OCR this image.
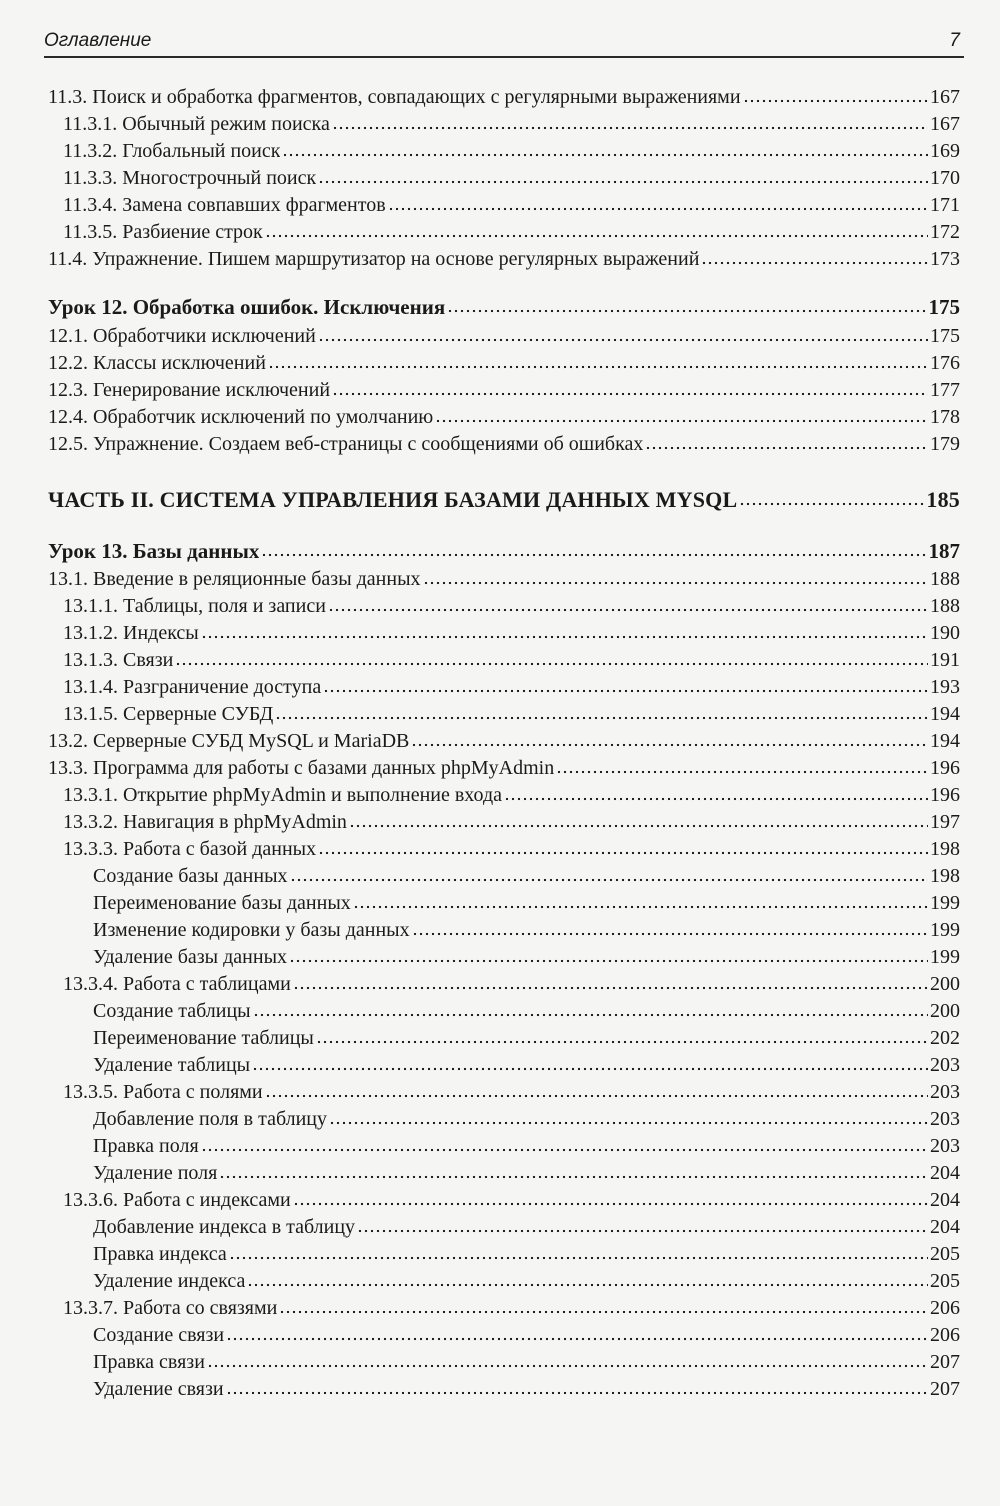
Оглавление	7
11.3. Поиск и обработка фрагментов, совпадающих с регулярными выражениями	167
11.3.1. Обычный режим поиска	167
11.3.2. Глобальный поиск	169
11.3.3. Многострочный поиск	170
11.3.4. Замена совпавших фрагментов	171
11.3.5. Разбиение строк	172
11.4. Упражнение. Пишем маршрутизатор на основе регулярных выражений	173
Урок 12. Обработка ошибок. Исключения	175
12.1. Обработчики исключений	175
12.2. Классы исключений	176
12.3. Генерирование исключений	177
12.4. Обработчик исключений по умолчанию	178
12.5. Упражнение. Создаем веб-страницы с сообщениями об ошибках	179
ЧАСТЬ II. СИСТЕМА УПРАВЛЕНИЯ БАЗАМИ ДАННЫХ MYSQL	185
Урок 13. Базы данных	187
13.1. Введение в реляционные базы данных	188
13.1.1. Таблицы, поля и записи	188
13.1.2. Индексы	190
13.1.3. Связи	191
13.1.4. Разграничение доступа	193
13.1.5. Серверные СУБД	194
13.2. Серверные СУБД MySQL и MariaDB	194
13.3. Программа для работы с базами данных phpMyAdmin	196
13.3.1. Открытие phpMyAdmin и выполнение входа	196
13.3.2. Навигация в phpMyAdmin	197
13.3.3. Работа с базой данных	198
Создание базы данных	198
Переименование базы данных	199
Изменение кодировки у базы данных	199
Удаление базы данных	199
13.3.4. Работа с таблицами	200
Создание таблицы	200
Переименование таблицы	202
Удаление таблицы	203
13.3.5. Работа с полями	203
Добавление поля в таблицу	203
Правка поля	203
Удаление поля	204
13.3.6. Работа с индексами	204
Добавление индекса в таблицу	204
Правка индекса	205
Удаление индекса	205
13.3.7. Работа со связями	206
Создание связи	206
Правка связи	207
Удаление связи	207
